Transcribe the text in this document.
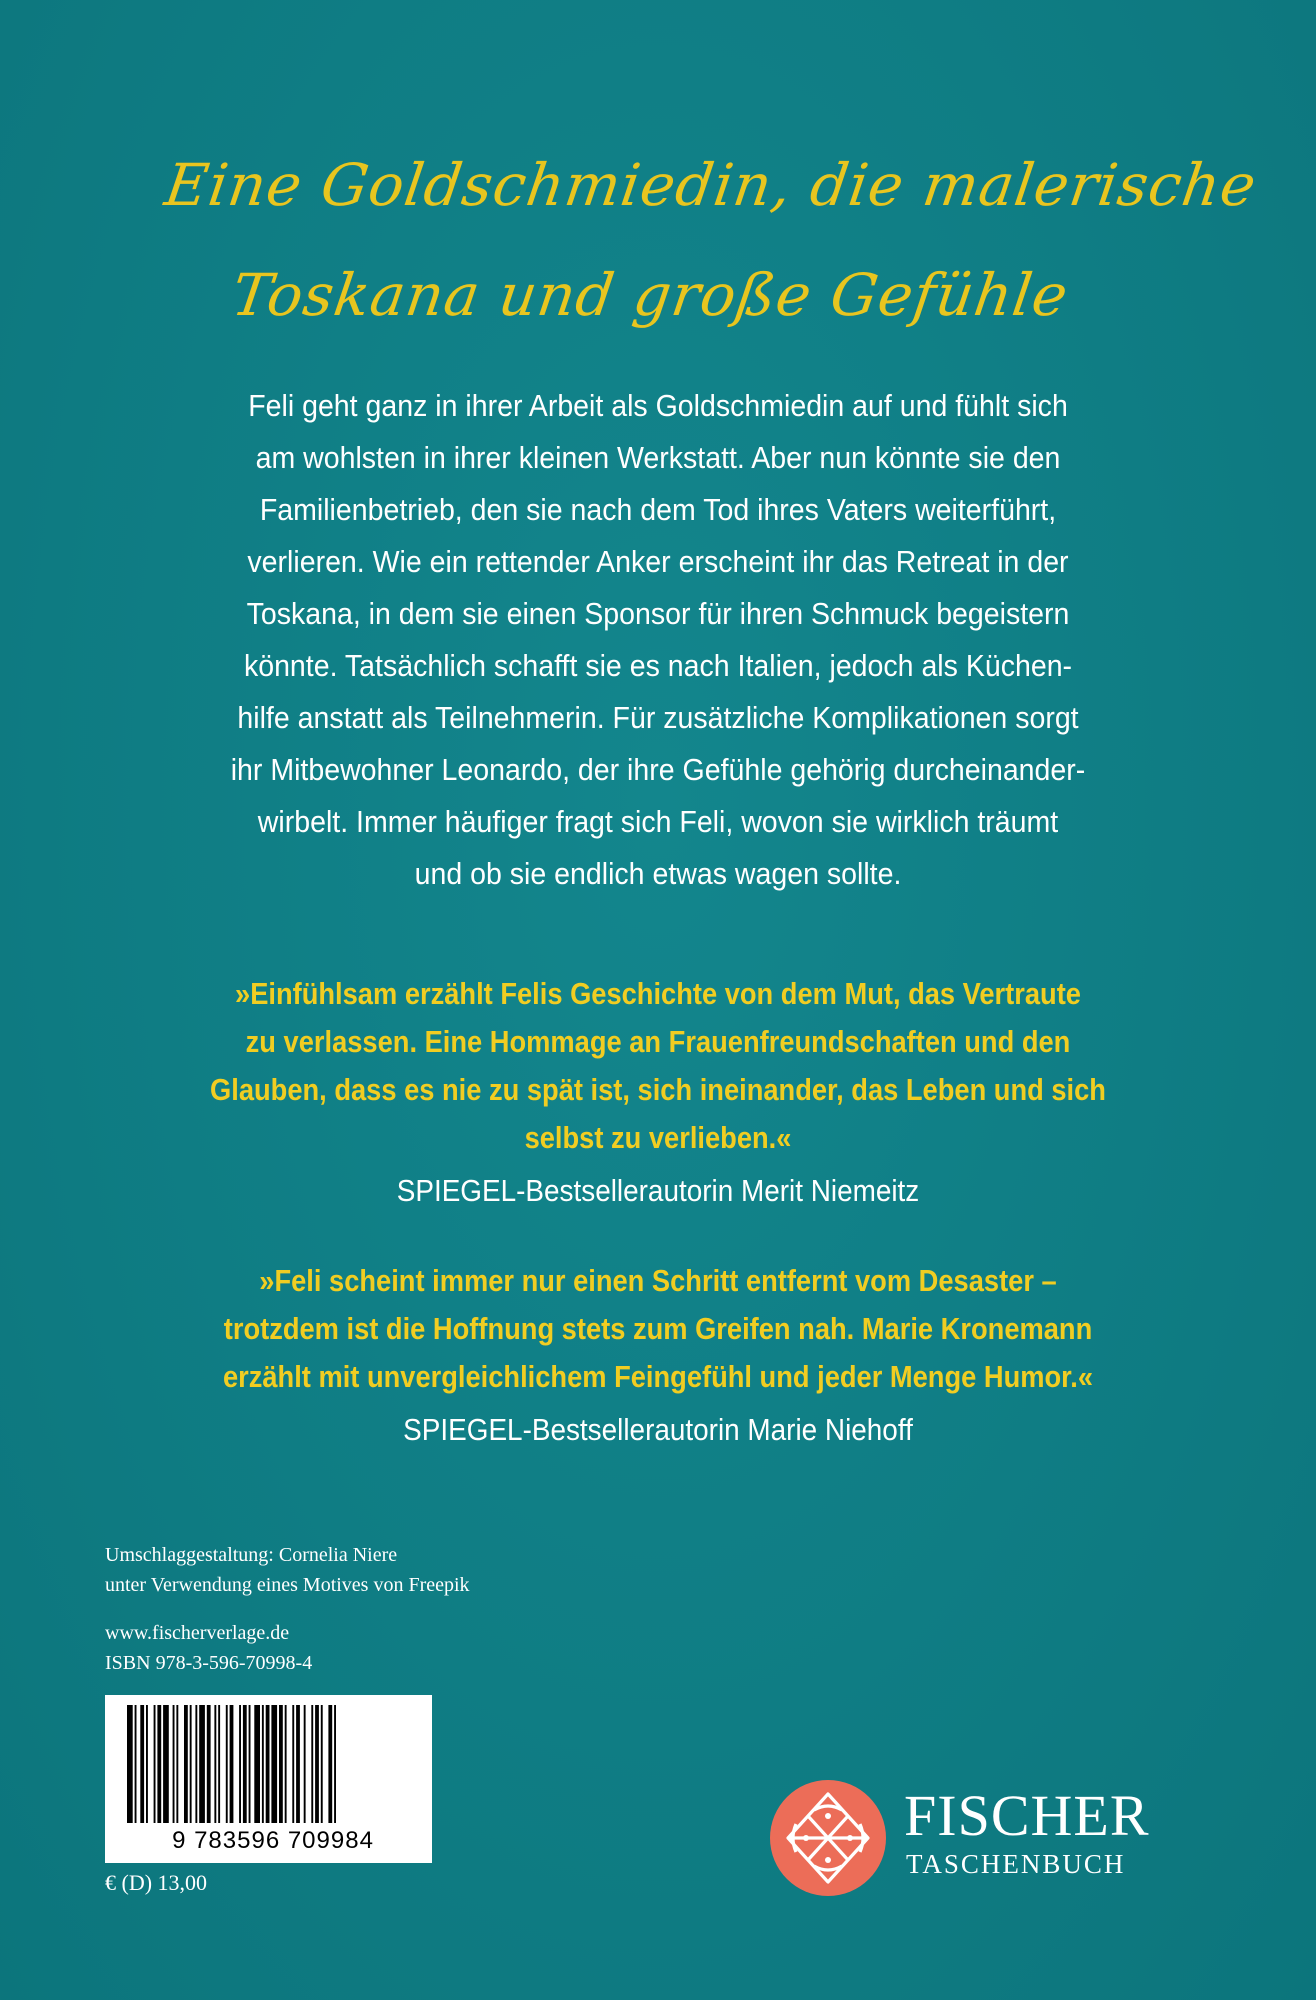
Eine Goldschmiedin, die malerische
Toskana und große Gefühle
Feli geht ganz in ihrer Arbeit als Goldschmiedin auf und fühlt sich
am wohlsten in ihrer kleinen Werkstatt. Aber nun könnte sie den
Familienbetrieb, den sie nach dem Tod ihres Vaters weiterführt,
verlieren. Wie ein rettender Anker erscheint ihr das Retreat in der
Toskana, in dem sie einen Sponsor für ihren Schmuck begeistern
könnte. Tatsächlich schafft sie es nach Italien, jedoch als Küchen-
hilfe anstatt als Teilnehmerin. Für zusätzliche Komplikationen sorgt
ihr Mitbewohner Leonardo, der ihre Gefühle gehörig durcheinander-
wirbelt. Immer häufiger fragt sich Feli, wovon sie wirklich träumt
und ob sie endlich etwas wagen sollte.
»Einfühlsam erzählt Felis Geschichte von dem Mut, das Vertraute
zu verlassen. Eine Hommage an Frauenfreundschaften und den
Glauben, dass es nie zu spät ist, sich ineinander, das Leben und sich
selbst zu verlieben.«
SPIEGEL-Bestsellerautorin Merit Niemeitz
»Feli scheint immer nur einen Schritt entfernt vom Desaster –
trotzdem ist die Hoffnung stets zum Greifen nah. Marie Kronemann
erzählt mit unvergleichlichem Feingefühl und jeder Menge Humor.«
SPIEGEL-Bestsellerautorin Marie Niehoff
Umschlaggestaltung: Cornelia Niere
unter Verwendung eines Motives von Freepik
www.fischerverlage.de
ISBN 978-3-596-70998-4
9 783596 709984
€ (D) 13,00
FISCHER
TASCHENBUCH
